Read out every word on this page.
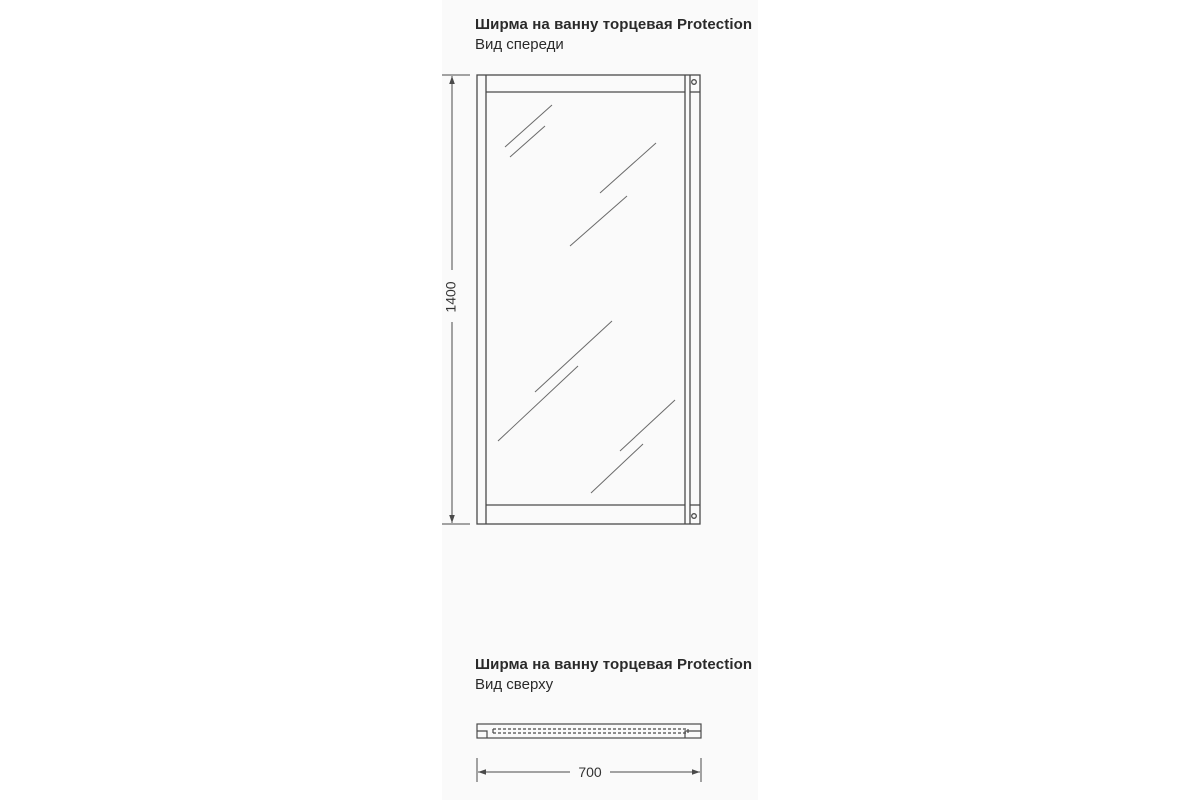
Ширма на ванну торцевая Protection
Вид спереди
Ширма на ванну торцевая Protection
Вид сверху
1400
700
